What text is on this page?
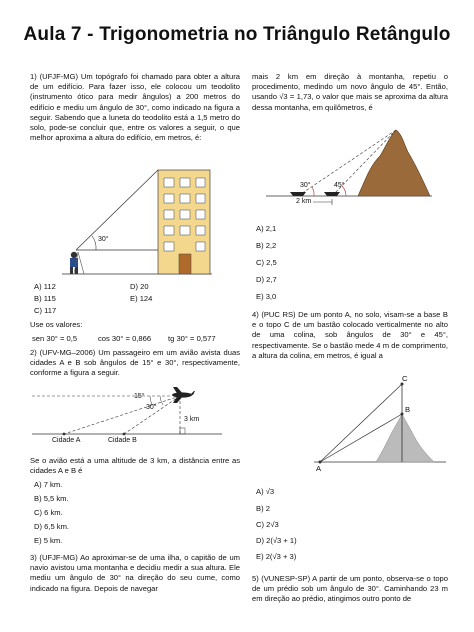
Aula 7 - Trigonometria no Triângulo Retângulo
1) (UFJF-MG) Um topógrafo foi chamado para obter a altura de um edifício. Para fazer isso, ele colocou um teodolito (instrumento ótico para medir ângulos) a 200 metros do edifício e mediu um ângulo de 30°, como indicado na figura a seguir. Sabendo que a luneta do teodolito está a 1,5 metro do solo, pode-se concluir que, entre os valores a seguir, o que melhor aproxima a altura do edifício, em metros, é:
30°
A) 112
B) 115
C) 117
D) 20
E) 124
Use os valores:
sen 30° = 0,5	cos 30° = 0,866 tg 30° = 0,577
2) (UFV-MG–2006) Um passageiro em um avião avista duas cidades A e B sob ângulos de 15° e 30°, respectivamente, conforme a figura a seguir.
15°
30°
3 km
Cidade A	Cidade B
Se o avião está a uma altitude de 3 km, a distância entre as cidades A e B é
A) 7 km.
B) 5,5 km.
C) 6 km.
D) 6,5 km.
E) 5 km.
3) (UFJF-MG) Ao aproximar-se de uma ilha, o capitão de um navio avistou uma montanha e decidiu medir a sua altura. Ele mediu um ângulo de 30° na direção do seu cume, como indicado na figura. Depois de navegar
mais 2 km em direção à montanha, repetiu o procedimento, medindo um novo ângulo de 45°. Então, usando √3 = 1,73, o valor que mais se aproxima da altura dessa montanha, em quilômetros, é
30°	45°
2 km
A) 2,1
B) 2,2
C) 2,5
D) 2,7
E) 3,0
4) (PUC RS) De um ponto A, no solo, visam-se a base B e o topo C de um bastão colocado verticalmente no alto de uma colina, sob ângulos de 30° e 45°, respectivamente. Se o bastão mede 4 m de comprimento, a altura da colina, em metros, é igual a
C
B
A
A) √3
B) 2
C) 2√3
D) 2(√3 + 1)
E) 2(√3 + 3)
5) (VUNESP-SP) A partir de um ponto, observa-se o topo de um prédio sob um ângulo de 30°. Caminhando 23 m em direção ao prédio, atingimos outro ponto de
